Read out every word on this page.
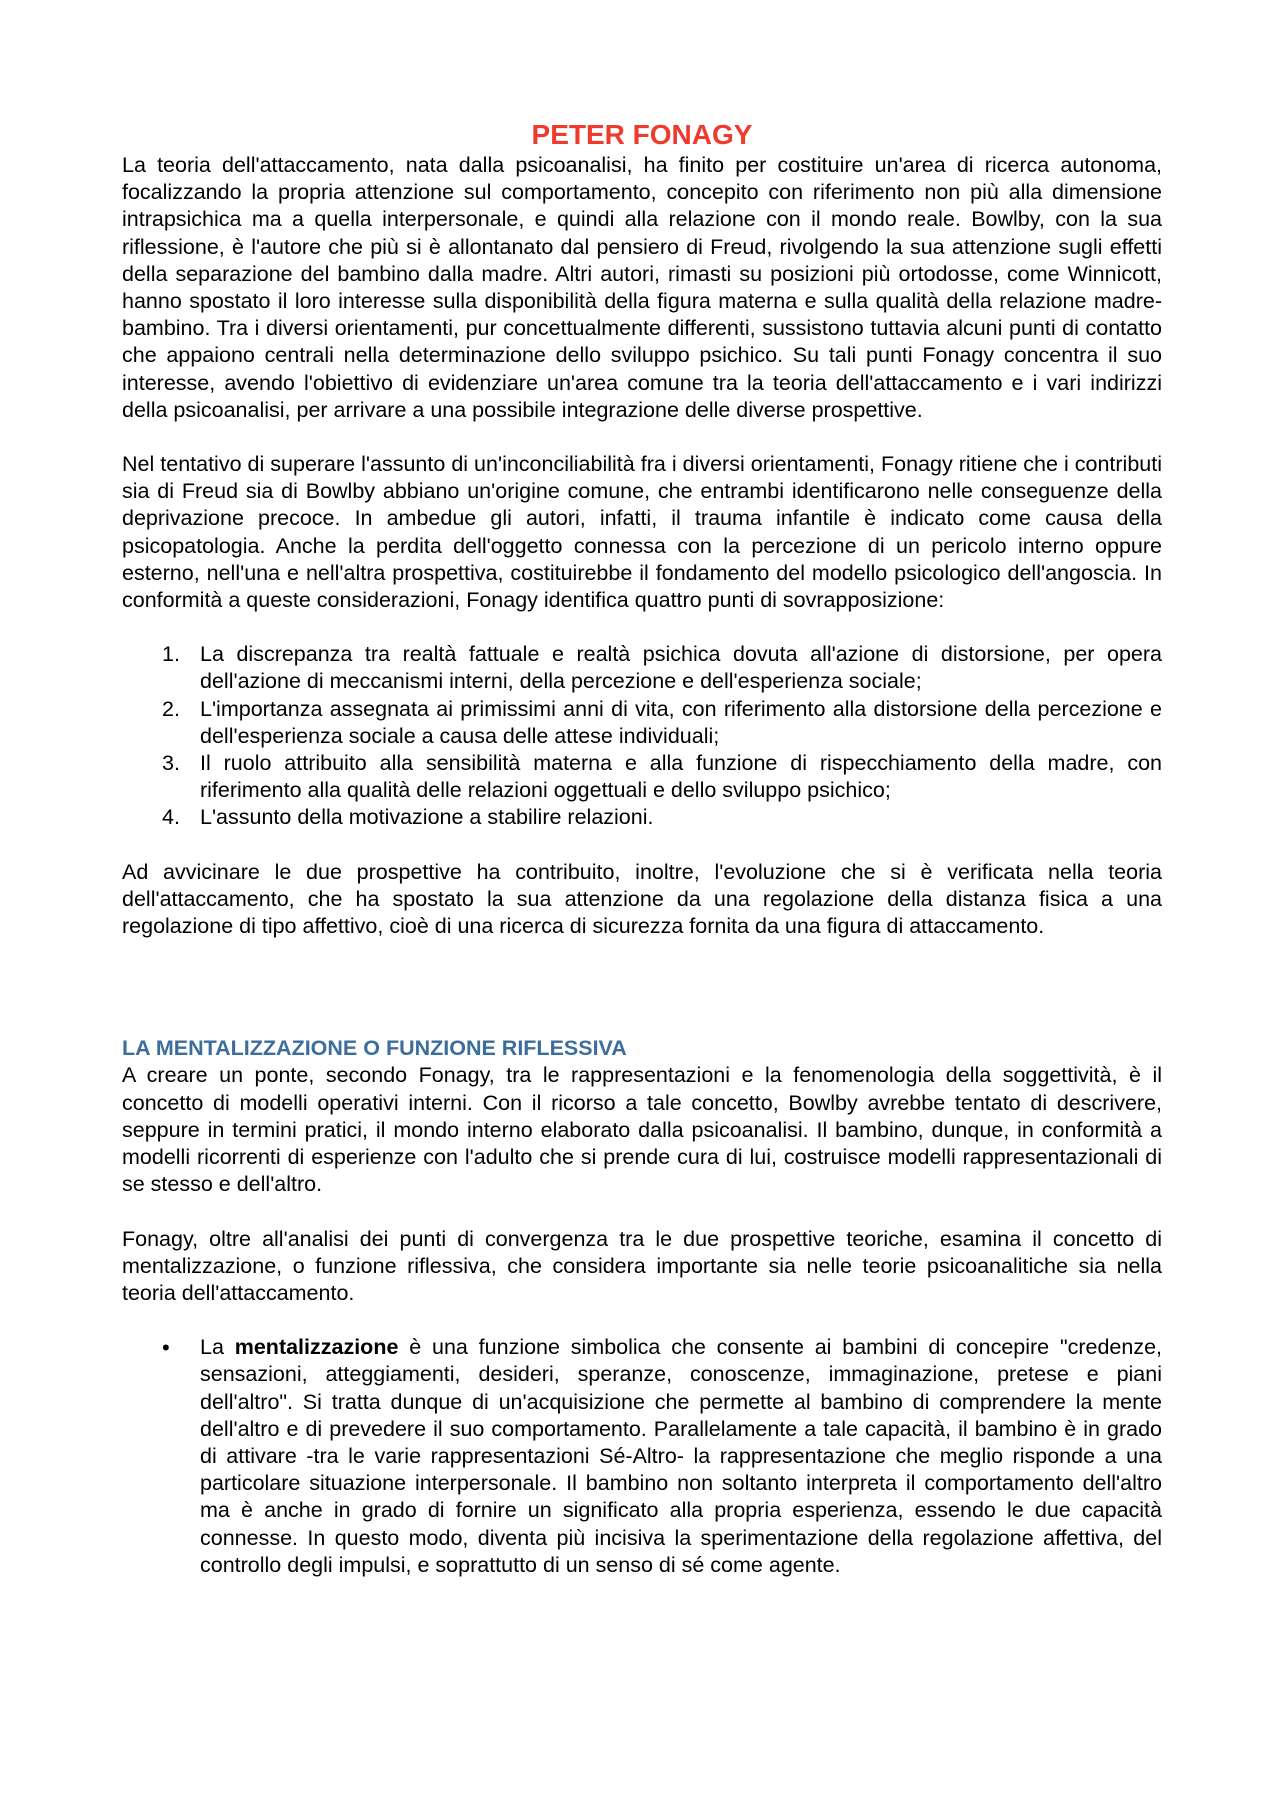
PETER FONAGY

La teoria dell'attaccamento, nata dalla psicoanalisi, ha finito per costituire un'area di ricerca autonoma, focalizzando la propria attenzione sul comportamento, concepito con riferimento non più alla dimensione intrapsichica ma a quella interpersonale, e quindi alla relazione con il mondo reale. Bowlby, con la sua riflessione, è l'autore che più si è allontanato dal pensiero di Freud, rivolgendo la sua attenzione sugli effetti della separazione del bambino dalla madre. Altri autori, rimasti su posizioni più ortodosse, come Winnicott, hanno spostato il loro interesse sulla disponibilità della figura materna e sulla qualità della relazione madre-bambino. Tra i diversi orientamenti, pur concettualmente differenti, sussistono tuttavia alcuni punti di contatto che appaiono centrali nella determinazione dello sviluppo psichico. Su tali punti Fonagy concentra il suo interesse, avendo l'obiettivo di evidenziare un'area comune tra la teoria dell'attaccamento e i vari indirizzi della psicoanalisi, per arrivare a una possibile integrazione delle diverse prospettive.

Nel tentativo di superare l'assunto di un'inconciliabilità fra i diversi orientamenti, Fonagy ritiene che i contributi sia di Freud sia di Bowlby abbiano un'origine comune, che entrambi identificarono nelle conseguenze della deprivazione precoce. In ambedue gli autori, infatti, il trauma infantile è indicato come causa della psicopatologia. Anche la perdita dell'oggetto connessa con la percezione di un pericolo interno oppure esterno, nell'una e nell'altra prospettiva, costituirebbe il fondamento del modello psicologico dell'angoscia. In conformità a queste considerazioni, Fonagy identifica quattro punti di sovrapposizione:

1. La discrepanza tra realtà fattuale e realtà psichica dovuta all'azione di distorsione, per opera dell'azione di meccanismi interni, della percezione e dell'esperienza sociale;
2. L'importanza assegnata ai primissimi anni di vita, con riferimento alla distorsione della percezione e dell'esperienza sociale a causa delle attese individuali;
3. Il ruolo attribuito alla sensibilità materna e alla funzione di rispecchiamento della madre, con riferimento alla qualità delle relazioni oggettuali e dello sviluppo psichico;
4. L'assunto della motivazione a stabilire relazioni.

Ad avvicinare le due prospettive ha contribuito, inoltre, l'evoluzione che si è verificata nella teoria dell'attaccamento, che ha spostato la sua attenzione da una regolazione della distanza fisica a una regolazione di tipo affettivo, cioè di una ricerca di sicurezza fornita da una figura di attaccamento.

LA MENTALIZZAZIONE O FUNZIONE RIFLESSIVA

A creare un ponte, secondo Fonagy, tra le rappresentazioni e la fenomenologia della soggettività, è il concetto di modelli operativi interni. Con il ricorso a tale concetto, Bowlby avrebbe tentato di descrivere, seppure in termini pratici, il mondo interno elaborato dalla psicoanalisi. Il bambino, dunque, in conformità a modelli ricorrenti di esperienze con l'adulto che si prende cura di lui, costruisce modelli rappresentazionali di se stesso e dell'altro.

Fonagy, oltre all'analisi dei punti di convergenza tra le due prospettive teoriche, esamina il concetto di mentalizzazione, o funzione riflessiva, che considera importante sia nelle teorie psicoanalitiche sia nella teoria dell'attaccamento.

• La mentalizzazione è una funzione simbolica che consente ai bambini di concepire "credenze, sensazioni, atteggiamenti, desideri, speranze, conoscenze, immaginazione, pretese e piani dell'altro". Si tratta dunque di un'acquisizione che permette al bambino di comprendere la mente dell'altro e di prevedere il suo comportamento. Parallelamente a tale capacità, il bambino è in grado di attivare -tra le varie rappresentazioni Sé-Altro- la rappresentazione che meglio risponde a una particolare situazione interpersonale. Il bambino non soltanto interpreta il comportamento dell'altro ma è anche in grado di fornire un significato alla propria esperienza, essendo le due capacità connesse. In questo modo, diventa più incisiva la sperimentazione della regolazione affettiva, del controllo degli impulsi, e soprattutto di un senso di sé come agente.
